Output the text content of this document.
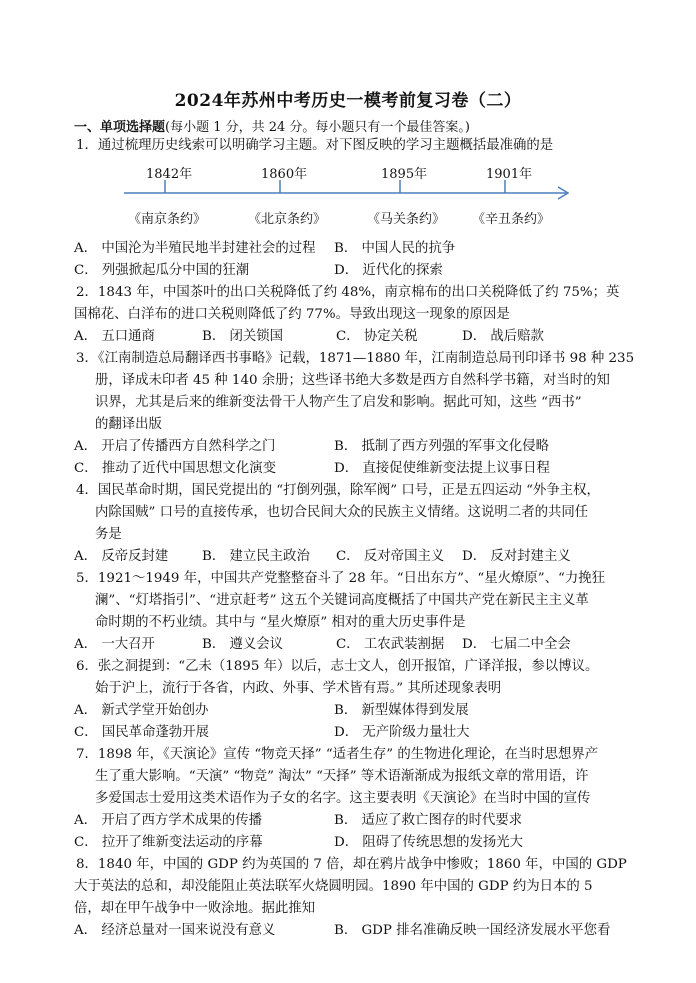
2024年苏州中考历史一模考前复习卷（二）
一、单项选择题(每小题 1 分，共 24 分。每小题只有一个最佳答案。)
1．通过梳理历史线索可以明确学习主题。对下图反映的学习主题概括最准确的是
1842年	1860年	1895年	1901年
《南京条约》	《北京条约》	《马关条约》 《辛丑条约》
A． 中国沦为半殖民地半封建社会的过程 B． 中国人民的抗争
C． 列强掀起瓜分中国的狂潮	D． 近代化的探索
2．1843 年，中国茶叶的出口关税降低了约 48%，南京棉布的出口关税降低了约 75%；英
国棉花、白洋布的进口关税则降低了约 77%。导致出现这一现象的原因是
A． 五口通商	B． 闭关锁国	C． 协定关税	D． 战后赔款
3．《江南制造总局翻译西书事略》记载，1871—1880 年，江南制造总局刊印译书 98 种 235
册，译成未印者 45 种 140 余册；这些译书绝大多数是西方自然科学书籍，对当时的知
识界，尤其是后来的维新变法骨干人物产生了启发和影响。据此可知，这些 “西书”
的翻译出版
A． 开启了传播西方自然科学之门	B． 抵制了西方列强的军事文化侵略
C． 推动了近代中国思想文化演变	D． 直接促使维新变法提上议事日程
4．国民革命时期，国民党提出的 “打倒列强，除军阀” 口号，正是五四运动 “外争主权，
内除国贼” 口号的直接传承，也切合民间大众的民族主义情绪。这说明二者的共同任
务是
A． 反帝反封建	B． 建立民主政治 C． 反对帝国主义 D． 反对封建主义
5．1921～1949 年，中国共产党整整奋斗了 28 年。“日出东方”、“星火燎原”、“力挽狂
澜”、“灯塔指引”、“进京赶考” 这五个关键词高度概括了中国共产党在新民主主义革
命时期的不朽业绩。其中与 “星火燎原” 相对的重大历史事件是
A． 一大召开	B． 遵义会议	C． 工农武装割据 D． 七届二中全会
6．张之洞提到：“乙未（1895 年）以后，志士文人，创开报馆，广译洋报，参以博议。
始于沪上，流行于各省，内政、外事、学术皆有焉。” 其所述现象表明
A． 新式学堂开始创办	B． 新型媒体得到发展
C． 国民革命蓬勃开展	D． 无产阶级力量壮大
7．1898 年，《天演论》宣传 “物竞天择” “适者生存” 的生物进化理论，在当时思想界产
生了重大影响。“天演” “物竞” 淘汰” “天择” 等术语渐渐成为报纸文章的常用语，许
多爱国志士爱用这类术语作为子女的名字。这主要表明《天演论》在当时中国的宣传
A． 开启了西方学术成果的传播	B． 适应了救亡图存的时代要求
C． 拉开了维新变法运动的序幕	D． 阻碍了传统思想的发扬光大
8．1840 年，中国的 GDP 约为英国的 7 倍，却在鸦片战争中惨败；1860 年，中国的 GDP
大于英法的总和，却没能阻止英法联军火烧圆明园。1890 年中国的 GDP 约为日本的 5
倍，却在甲午战争中一败涂地。据此推知
A． 经济总量对一国来说没有意义	B． GDP 排名准确反映一国经济发展水平您看
